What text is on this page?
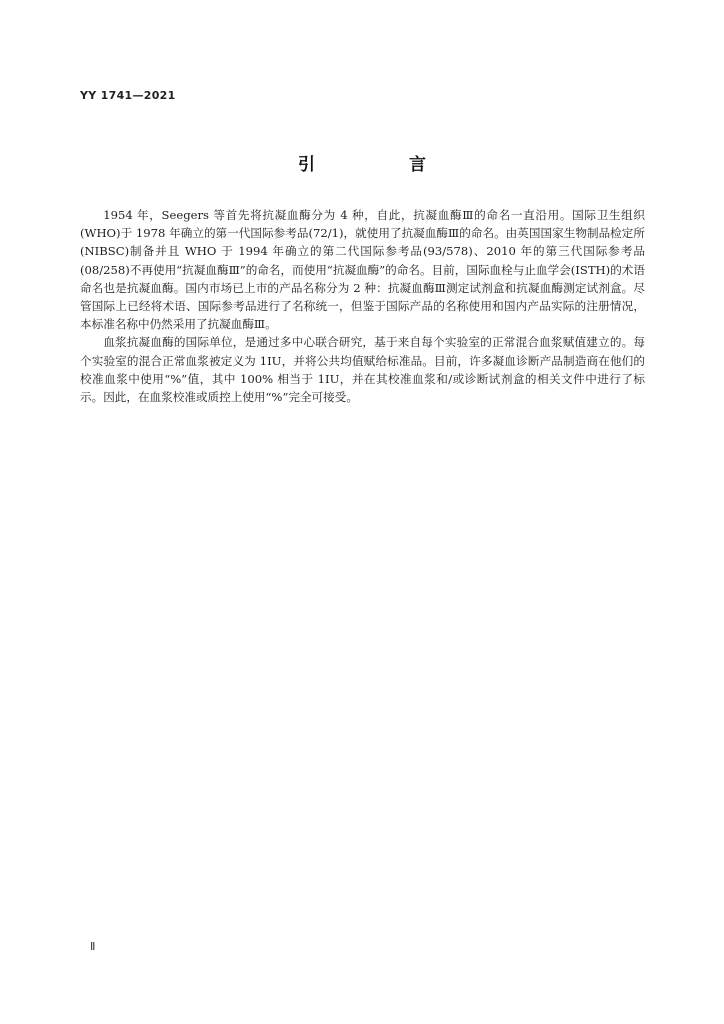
YY 1741—2021
引 言

1954 年，Seegers 等首先将抗凝血酶分为 4 种，自此，抗凝血酶Ⅲ的命名一直沿用。国际卫生组织(WHO)于 1978 年确立的第一代国际参考品(72/1)，就使用了抗凝血酶Ⅲ的命名。由英国国家生物制品检定所(NIBSC)制备并且 WHO 于 1994 年确立的第二代国际参考品(93/578)、2010 年的第三代国际参考品(08/258)不再使用“抗凝血酶Ⅲ”的命名，而使用“抗凝血酶”的命名。目前，国际血栓与止血学会(ISTH)的术语命名也是抗凝血酶。国内市场已上市的产品名称分为 2 种：抗凝血酶Ⅲ测定试剂盒和抗凝血酶测定试剂盒。尽管国际上已经将术语、国际参考品进行了名称统一，但鉴于国际产品的名称使用和国内产品实际的注册情况，本标准名称中仍然采用了抗凝血酶Ⅲ。

血浆抗凝血酶的国际单位，是通过多中心联合研究，基于来自每个实验室的正常混合血浆赋值建立的。每个实验室的混合正常血浆被定义为 1IU，并将公共均值赋给标准品。目前，许多凝血诊断产品制造商在他们的校准血浆中使用“%”值，其中 100% 相当于 1IU，并在其校准血浆和/或诊断试剂盒的相关文件中进行了标示。因此，在血浆校准或质控上使用“%”完全可接受。

Ⅱ
